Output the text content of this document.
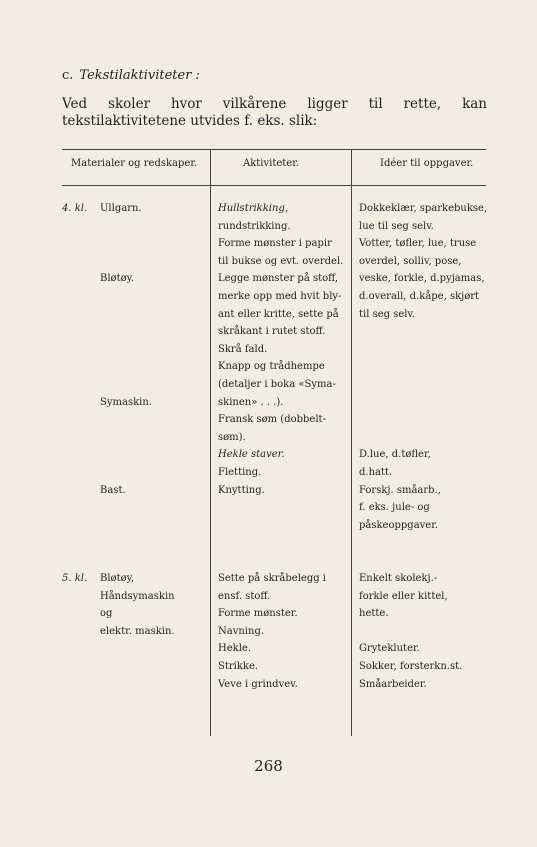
c. Tekstilaktiviteter :
Ved skoler hvor vilkårene ligger til rette, kan tekstilaktivitetene utvides f. eks. slik:
Materialer og redskaper.	Aktiviteter.	Idéer til oppgaver.
4. kl. Ullgarn.

Bløtøy.

Symaskin.

Bast.
Hullstrikking,
rundstrikking.
Forme mønster i papir
til bukse og evt. overdel.
Legge mønster på stoff,
merke opp med hvit bly-
ant eller kritte, sette på
skråkant i rutet stoff.
Skrå fald.
Knapp og trådhempe
(detaljer i boka «Syma-
skinen» . . .).
Fransk søm (dobbelt-
søm).
Hekle staver.
Fletting.
Knytting.
Dokkeklær, sparkebukse,
lue til seg selv.
Votter, tøfler, lue, truse
overdel, solliv, pose,
veske, forkle, d.pyjamas,
d.overall, d.kåpe, skjørt
til seg selv.

D.lue, d.tøfler,
d.hatt.
Forskj. småarb.,
f. eks. jule- og
påskeoppgaver.
5. kl. Bløtøy,
Håndsymaskin
og
elektr. maskin.
Sette på skråbelegg i
ensf. stoff.
Forme mønster.
Navning.
Hekle.
Strikke.
Veve i grindvev.
Enkelt skolekj.-
forkle eller kittel,
hette.

Grytekluter.
Sokker, forsterkn.st.
Småarbeider.
268
